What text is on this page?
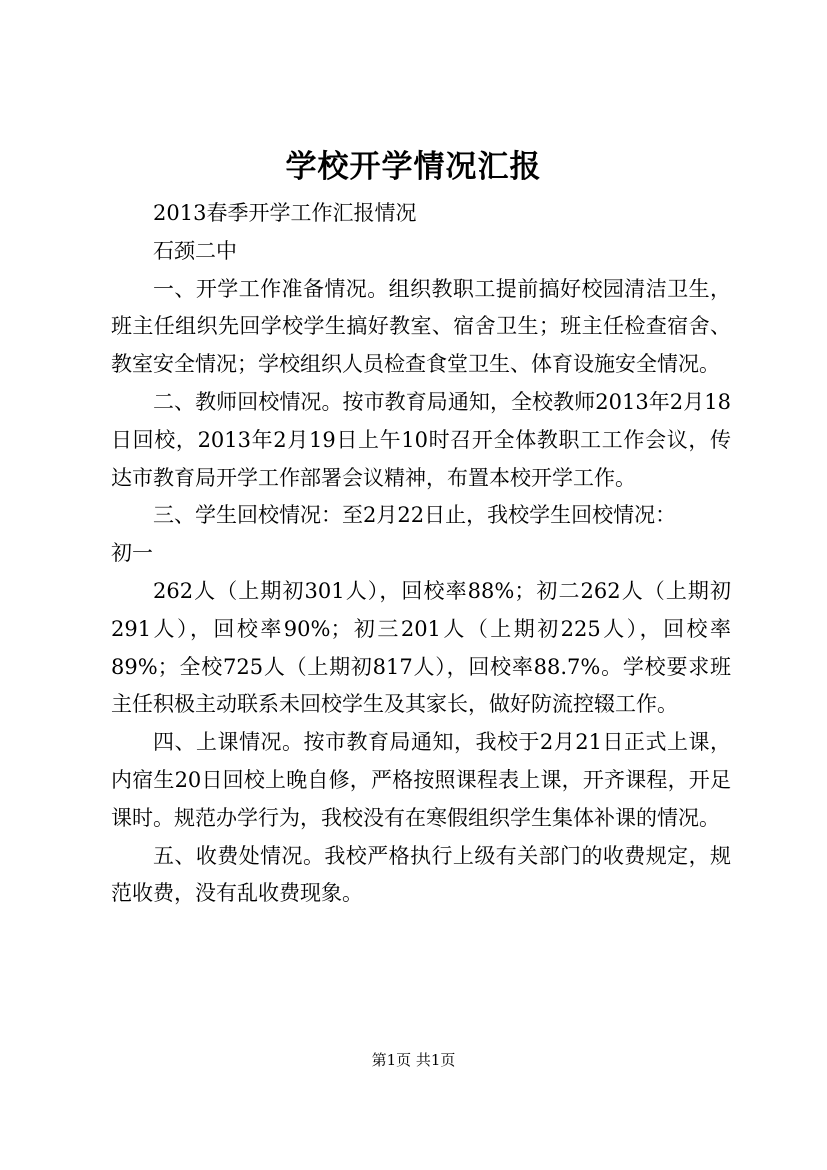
学校开学情况汇报

2013春季开学工作汇报情况

石颈二中

一、开学工作准备情况。组织教职工提前搞好校园清洁卫生，班主任组织先回学校学生搞好教室、宿舍卫生；班主任检查宿舍、教室安全情况；学校组织人员检查食堂卫生、体育设施安全情况。

二、教师回校情况。按市教育局通知，全校教师2013年2月18日回校，2013年2月19日上午10时召开全体教职工工作会议，传达市教育局开学工作部署会议精神，布置本校开学工作。

三、学生回校情况：至2月22日止，我校学生回校情况：

初一

262人（上期初301人），回校率88%；初二262人（上期初291人），回校率90%；初三201人（上期初225人），回校率89%；全校725人（上期初817人），回校率88.7%。学校要求班主任积极主动联系未回校学生及其家长，做好防流控辍工作。

四、上课情况。按市教育局通知，我校于2月21日正式上课，内宿生20日回校上晚自修，严格按照课程表上课，开齐课程，开足课时。规范办学行为，我校没有在寒假组织学生集体补课的情况。

五、收费处情况。我校严格执行上级有关部门的收费规定，规范收费，没有乱收费现象。

第1页 共1页
